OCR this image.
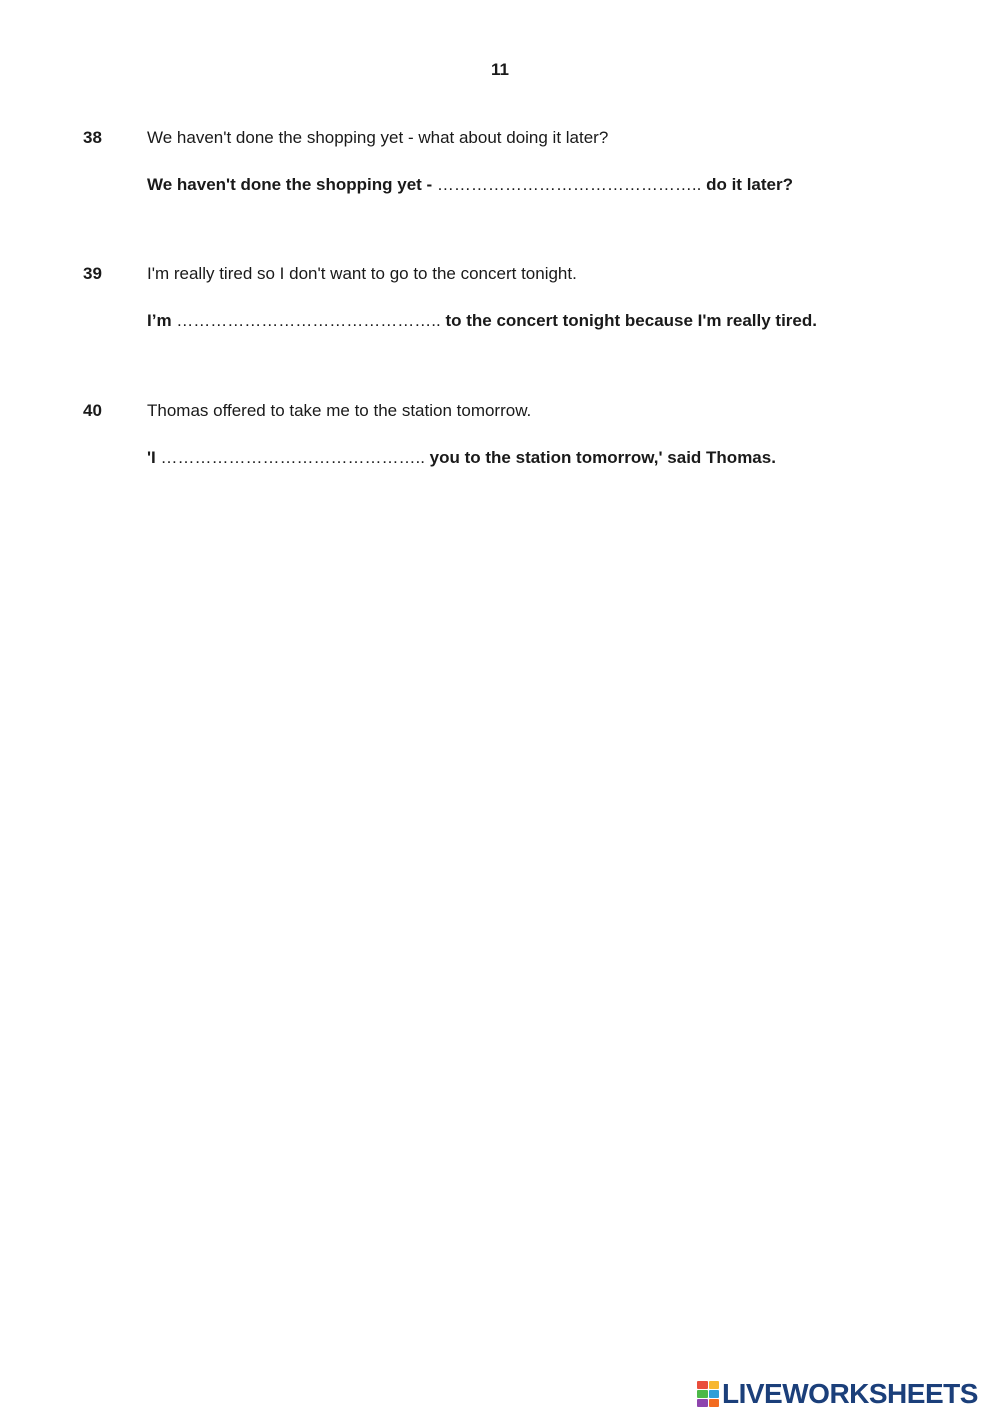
11
38	We haven't done the shopping yet - what about doing it later?
We haven't done the shopping yet - ……………………………………….. do it later?
39	I'm really tired so I don't want to go to the concert tonight.
I’m ……………………………………….. to the concert tonight because I'm really tired.
40	Thomas offered to take me to the station tomorrow.
'I ……………………………………….. you to the station tomorrow,' said Thomas.
LIVEWORKSHEETS
